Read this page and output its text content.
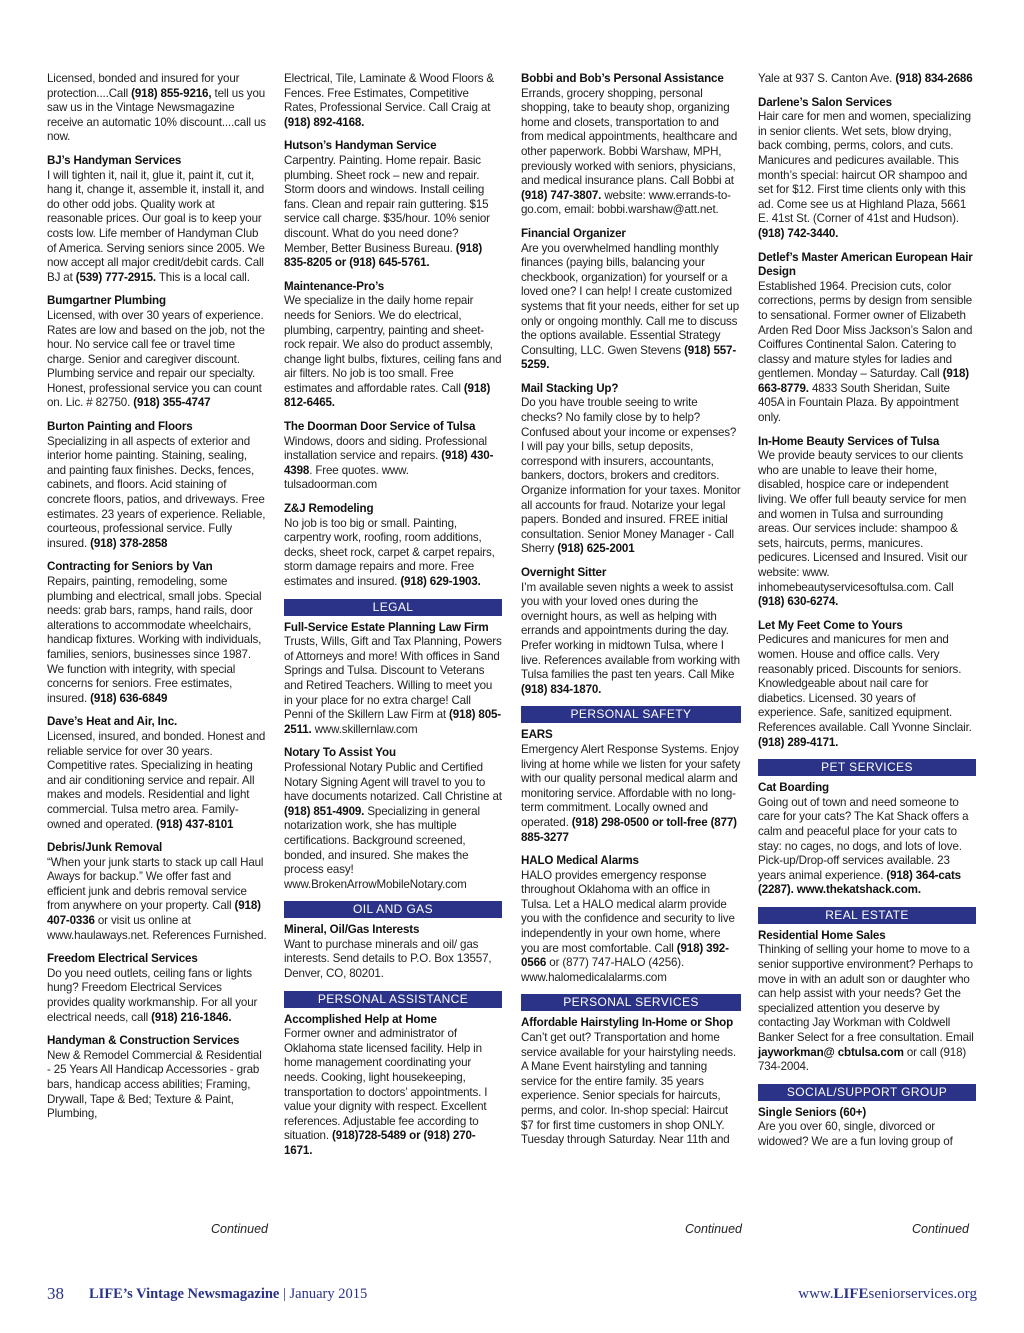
Licensed, bonded and insured for your protection....Call (918) 855-9216, tell us you saw us in the Vintage Newsmagazine receive an automatic 10% discount....call us now.
BJ’s Handyman Services
I will tighten it, nail it, glue it, paint it, cut it, hang it, change it, assemble it, install it, and do other odd jobs. Quality work at reasonable prices. Our goal is to keep your costs low. Life member of Handyman Club of America. Serving seniors since 2005. We now accept all major credit/debit cards. Call BJ at (539) 777-2915. This is a local call.
Bumgartner Plumbing
Licensed, with over 30 years of experience. Rates are low and based on the job, not the hour. No service call fee or travel time charge. Senior and caregiver discount. Plumbing service and repair our specialty. Honest, professional service you can count on. Lic. # 82750. (918) 355-4747
Burton Painting and Floors
Specializing in all aspects of exterior and interior home painting. Staining, sealing, and painting faux finishes. Decks, fences, cabinets, and floors. Acid staining of concrete floors, patios, and driveways. Free estimates. 23 years of experience. Reliable, courteous, professional service. Fully insured. (918) 378-2858
Contracting for Seniors by Van
Repairs, painting, remodeling, some plumbing and electrical, small jobs. Special needs: grab bars, ramps, hand rails, door alterations to accommodate wheelchairs, handicap fixtures. Working with individuals, families, seniors, businesses since 1987. We function with integrity, with special concerns for seniors. Free estimates, insured. (918) 636-6849
Dave’s Heat and Air, Inc.
Licensed, insured, and bonded. Honest and reliable service for over 30 years. Competitive rates. Specializing in heating and air conditioning service and repair. All makes and models. Residential and light commercial. Tulsa metro area. Family-owned and operated. (918) 437-8101
Debris/Junk Removal
“When your junk starts to stack up call Haul Aways for backup.” We offer fast and efficient junk and debris removal service from anywhere on your property. Call (918) 407-0336 or visit us online at www.haulaways.net. References Furnished.
Freedom Electrical Services
Do you need outlets, ceiling fans or lights hung? Freedom Electrical Services provides quality workmanship. For all your electrical needs, call (918) 216-1846.
Handyman & Construction Services
New & Remodel Commercial & Residential - 25 Years All Handicap Accessories - grab bars, handicap access abilities; Framing, Drywall, Tape & Bed; Texture & Paint, Plumbing,
Electrical, Tile, Laminate & Wood Floors & Fences. Free Estimates, Competitive Rates, Professional Service. Call Craig at (918) 892-4168.
Hutson’s Handyman Service
Carpentry. Painting. Home repair. Basic plumbing. Sheet rock – new and repair. Storm doors and windows. Install ceiling fans. Clean and repair rain guttering. $15 service call charge. $35/hour. 10% senior discount. What do you need done? Member, Better Business Bureau. (918) 835-8205 or (918) 645-5761.
Maintenance-Pro’s
We specialize in the daily home repair needs for Seniors. We do electrical, plumbing, carpentry, painting and sheet-rock repair. We also do product assembly, change light bulbs, fixtures, ceiling fans and air filters. No job is too small. Free estimates and affordable rates. Call (918) 812-6465.
The Doorman Door Service of Tulsa
Windows, doors and siding. Professional installation service and repairs. (918) 430-4398. Free quotes. www. tulsadoorman.com
Z&J Remodeling
No job is too big or small. Painting, carpentry work, roofing, room additions, decks, sheet rock, carpet & carpet repairs, storm damage repairs and more. Free estimates and insured. (918) 629-1903.
LEGAL
Full-Service Estate Planning Law Firm
Trusts, Wills, Gift and Tax Planning, Powers of Attorneys and more! With offices in Sand Springs and Tulsa. Discount to Veterans and Retired Teachers. Willing to meet you in your place for no extra charge! Call Penni of the Skillern Law Firm at (918) 805-2511. www.skillernlaw.com
Notary To Assist You
Professional Notary Public and Certified Notary Signing Agent will travel to you to have documents notarized. Call Christine at (918) 851-4909. Specializing in general notarization work, she has multiple certifications. Background screened, bonded, and insured. She makes the process easy! www.BrokenArrowMobileNotary.com
OIL AND GAS
Mineral, Oil/Gas Interests
Want to purchase minerals and oil/ gas interests. Send details to P.O. Box 13557, Denver, CO, 80201.
PERSONAL ASSISTANCE
Accomplished Help at Home
Former owner and administrator of Oklahoma state licensed facility. Help in home management coordinating your needs. Cooking, light housekeeping, transportation to doctors’ appointments. I value your dignity with respect. Excellent references. Adjustable fee according to situation. (918)728-5489 or (918) 270-1671.
Bobbi and Bob’s Personal Assistance
Errands, grocery shopping, personal shopping, take to beauty shop, organizing home and closets, transportation to and from medical appointments, healthcare and other paperwork. Bobbi Warshaw, MPH, previously worked with seniors, physicians, and medical insurance plans. Call Bobbi at (918) 747-3807. website: www.errands-to-go.com, email: bobbi.warshaw@att.net.
Financial Organizer
Are you overwhelmed handling monthly finances (paying bills, balancing your checkbook, organization) for yourself or a loved one? I can help! I create customized systems that fit your needs, either for set up only or ongoing monthly. Call me to discuss the options available. Essential Strategy Consulting, LLC. Gwen Stevens (918) 557-5259.
Mail Stacking Up?
Do you have trouble seeing to write checks? No family close by to help? Confused about your income or expenses? I will pay your bills, setup deposits, correspond with insurers, accountants, bankers, doctors, brokers and creditors. Organize information for your taxes. Monitor all accounts for fraud. Notarize your legal papers. Bonded and insured. FREE initial consultation. Senior Money Manager - Call Sherry (918) 625-2001
Overnight Sitter
I’m available seven nights a week to assist you with your loved ones during the overnight hours, as well as helping with errands and appointments during the day. Prefer working in midtown Tulsa, where I live. References available from working with Tulsa families the past ten years. Call Mike (918) 834-1870.
PERSONAL SAFETY
EARS
Emergency Alert Response Systems. Enjoy living at home while we listen for your safety with our quality personal medical alarm and monitoring service. Affordable with no long-term commitment. Locally owned and operated. (918) 298-0500 or toll-free (877) 885-3277
HALO Medical Alarms
HALO provides emergency response throughout Oklahoma with an office in Tulsa. Let a HALO medical alarm provide you with the confidence and security to live independently in your own home, where you are most comfortable. Call (918) 392-0566 or (877) 747-HALO (4256). www.halomedicalalarms.com
PERSONAL SERVICES
Affordable Hairstyling In-Home or Shop
Can’t get out? Transportation and home service available for your hairstyling needs. A Mane Event hairstyling and tanning service for the entire family. 35 years experience. Senior specials for haircuts, perms, and color. In-shop special: Haircut $7 for first time customers in shop ONLY. Tuesday through Saturday. Near 11th and
Yale at 937 S. Canton Ave. (918) 834-2686
Darlene’s Salon Services
Hair care for men and women, specializing in senior clients. Wet sets, blow drying, back combing, perms, colors, and cuts. Manicures and pedicures available. This month’s special: haircut OR shampoo and set for $12. First time clients only with this ad. Come see us at Highland Plaza, 5661 E. 41st St. (Corner of 41st and Hudson). (918) 742-3440.
Detlef’s Master American European Hair Design
Established 1964. Precision cuts, color corrections, perms by design from sensible to sensational. Former owner of Elizabeth Arden Red Door Miss Jackson’s Salon and Coiffures Continental Salon. Catering to classy and mature styles for ladies and gentlemen. Monday – Saturday. Call (918) 663-8779. 4833 South Sheridan, Suite 405A in Fountain Plaza. By appointment only.
In-Home Beauty Services of Tulsa
We provide beauty services to our clients who are unable to leave their home, disabled, hospice care or independent living. We offer full beauty service for men and women in Tulsa and surrounding areas. Our services include: shampoo & sets, haircuts, perms, manicures. pedicures. Licensed and Insured. Visit our website: www. inhomebeautyservicesoftulsa.com. Call (918) 630-6274.
Let My Feet Come to Yours
Pedicures and manicures for men and women. House and office calls. Very reasonably priced. Discounts for seniors. Knowledgeable about nail care for diabetics. Licensed. 30 years of experience. Safe, sanitized equipment. References available. Call Yvonne Sinclair. (918) 289-4171.
PET SERVICES
Cat Boarding
Going out of town and need someone to care for your cats? The Kat Shack offers a calm and peaceful place for your cats to stay: no cages, no dogs, and lots of love. Pick-up/Drop-off services available. 23 years animal experience. (918) 364-cats (2287). www.thekatshack.com.
REAL ESTATE
Residential Home Sales
Thinking of selling your home to move to a senior supportive environment? Perhaps to move in with an adult son or daughter who can help assist with your needs? Get the specialized attention you deserve by contacting Jay Workman with Coldwell Banker Select for a free consultation. Email jayworkman@ cbtulsa.com or call (918) 734-2004.
SOCIAL/SUPPORT GROUP
Single Seniors (60+)
Are you over 60, single, divorced or widowed? We are a fun loving group of
Continued	Continued	Continued
38 LIFE’s Vintage Newsmagazine | January 2015	www.LIFEseniorservices.org
